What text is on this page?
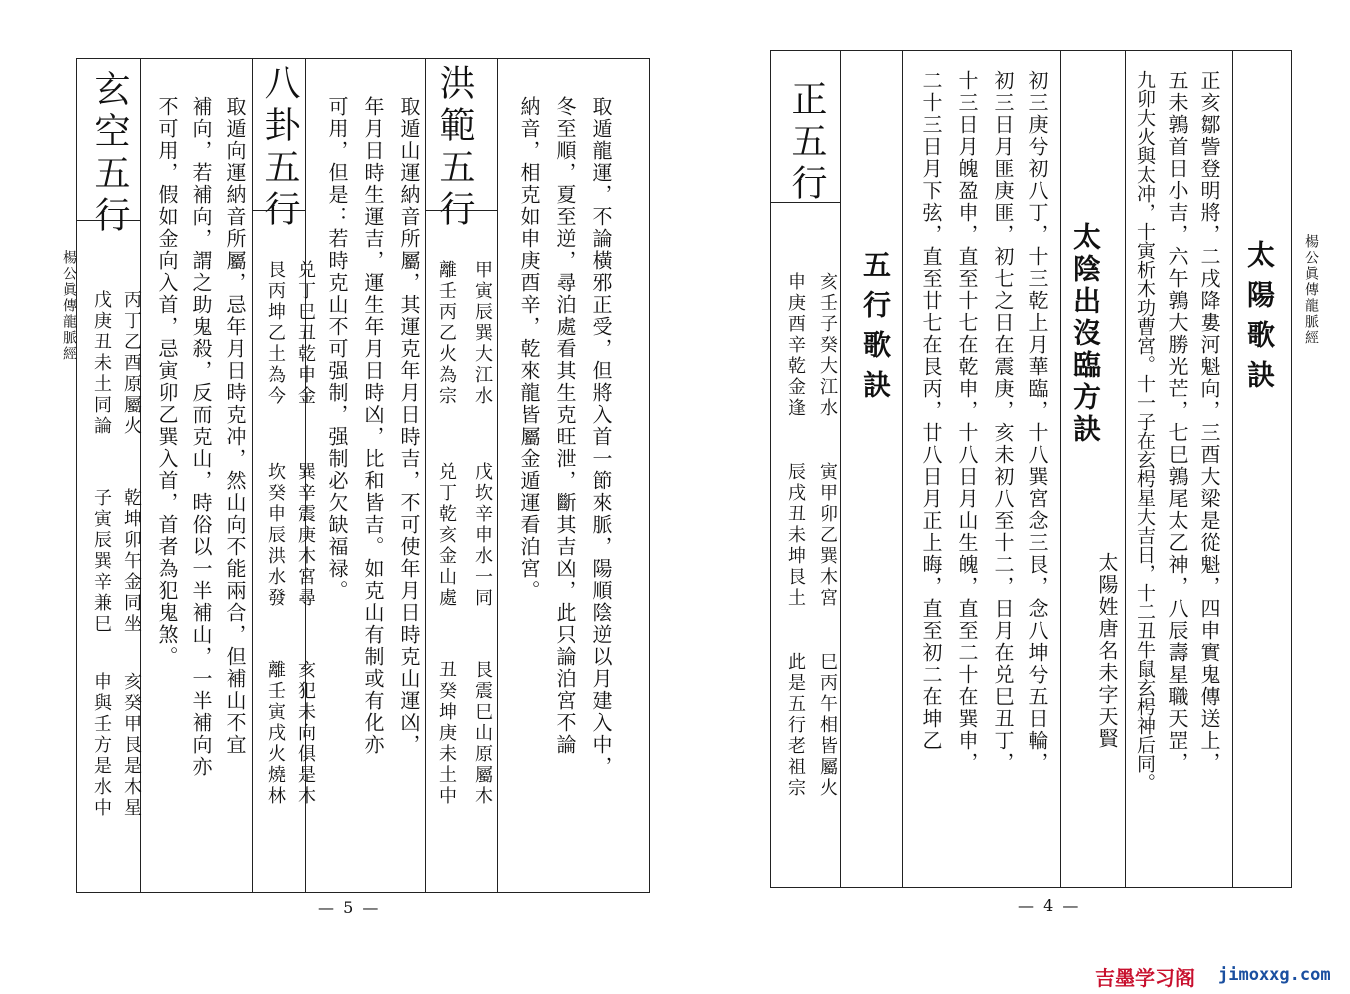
楊公眞傳龍脈經	取遁龍運，不論橫邪正受，但將入首一節來脈，陽順陰逆以月建入中，
冬至順，夏至逆，尋泊處看其生克旺泄，斷其吉凶，此只論泊宮不論
納音，相克如申庚酉辛，乾來龍皆屬金遁運看泊宮。
洪範五行
甲寅辰巽大江水
戊坎辛申水一同
艮震巳山原屬木
離壬丙乙火為宗
兑丁乾亥金山處
丑癸坤庚未土中
取遁山運納音所屬，其運克年月日時吉，不可使年月日時克山運凶，
年月日時生運吉，運生年月日時凶，比和皆吉。如克山有制或有化亦
可用，但是：若時克山不可强制，强制必欠缺福禄。
八卦五行
兑丁巳丑乾申金
巽辛震庚木宮尋
亥犯未向俱是木
艮丙坤乙土為今
坎癸申辰洪水發
離壬寅戌火燒林
取遁向運納音所屬，忌年月日時克冲，然山向不能兩合，但補山不宜
補向，若補向，謂之助鬼殺，反而克山，時俗以一半補山，一半補向亦
不可用，假如金向入首，忌寅卯乙巽入首，首者為犯鬼煞。
玄空五行
丙丁乙酉原屬火
乾坤卯午金同坐
亥癸甲艮是木星
戊庚丑未土同論
子寅辰巽辛兼巳
申與壬方是水中
— 5 —
楊公眞傳龍脈經
太陽歌訣
正亥鄒訾登明將，二戌降婁河魁向，三酉大梁是從魁，四申實鬼傳送上，
五未鶉首日小吉，六午鶉大勝光芒，七巳鶉尾太乙神，八辰壽星職天罡，
九卯大火與太冲，十寅析木功曹宮。十一子在玄枵星大吉日，十二丑牛鼠玄枵神后同。
太陰出沒臨方訣
太陽姓唐名未字天賢
初三庚兮初八丁，十三乾上月華臨，十八巽宮念三艮，念八坤兮五日輪，
初三日月匪庚匪，初七之日在震庚，亥未初八至十二，日月在兑巳丑丁，
十三日月魄盈申，直至十七在乾申，十八日月山生魄，直至二十在巽申，
二十三日月下弦，直至廿七在艮丙，廿八日月正上晦，直至初二在坤乙
五行歌訣
正五行
亥壬子癸大江水
寅甲卯乙巽木宮
巳丙午相皆屬火
申庚酉辛乾金逢
辰戌丑未坤艮土
此是五行老祖宗
— 4 —
吉墨学习阁 jimoxxg.com
